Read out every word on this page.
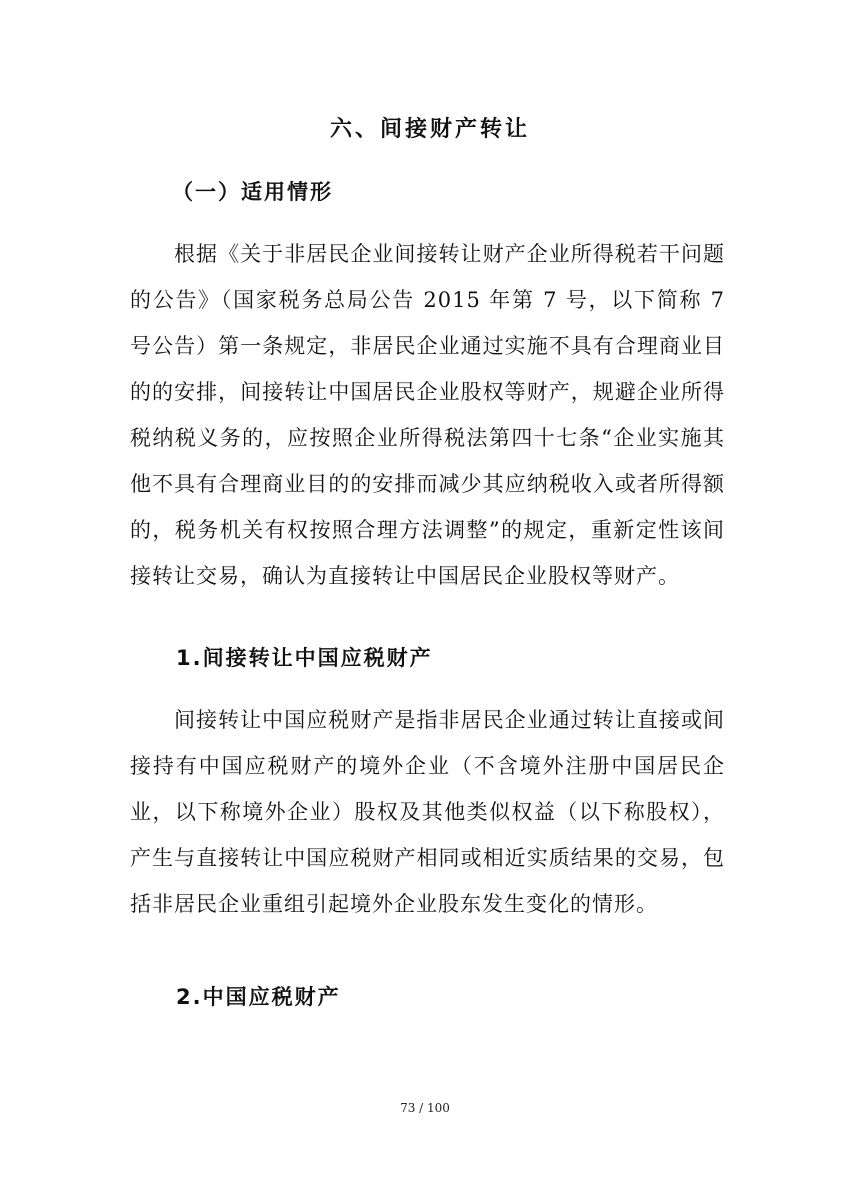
六、间接财产转让
（一）适用情形

根据《关于非居民企业间接转让财产企业所得税若干问题的公告》（国家税务总局公告 2015 年第 7 号，以下简称 7 号公告）第一条规定，非居民企业通过实施不具有合理商业目的的安排，间接转让中国居民企业股权等财产，规避企业所得税纳税义务的，应按照企业所得税法第四十七条“企业实施其他不具有合理商业目的的安排而减少其应纳税收入或者所得额的，税务机关有权按照合理方法调整”的规定，重新定性该间接转让交易，确认为直接转让中国居民企业股权等财产。

1.间接转让中国应税财产

间接转让中国应税财产是指非居民企业通过转让直接或间接持有中国应税财产的境外企业（不含境外注册中国居民企业，以下称境外企业）股权及其他类似权益（以下称股权），产生与直接转让中国应税财产相同或相近实质结果的交易，包括非居民企业重组引起境外企业股东发生变化的情形。

2.中国应税财产
73 / 100
